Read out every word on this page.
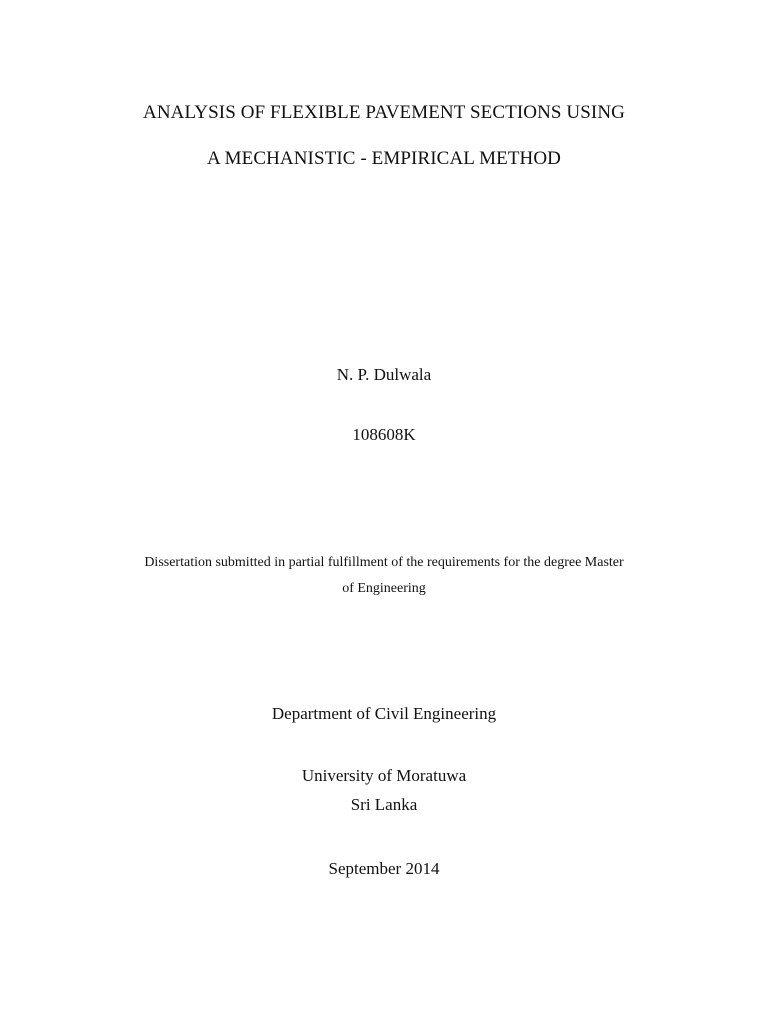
ANALYSIS OF FLEXIBLE PAVEMENT SECTIONS USING
A MECHANISTIC - EMPIRICAL METHOD
N. P. Dulwala
108608K
Dissertation submitted in partial fulfillment of the requirements for the degree Master
of Engineering
Department of Civil Engineering
University of Moratuwa
Sri Lanka
September 2014
